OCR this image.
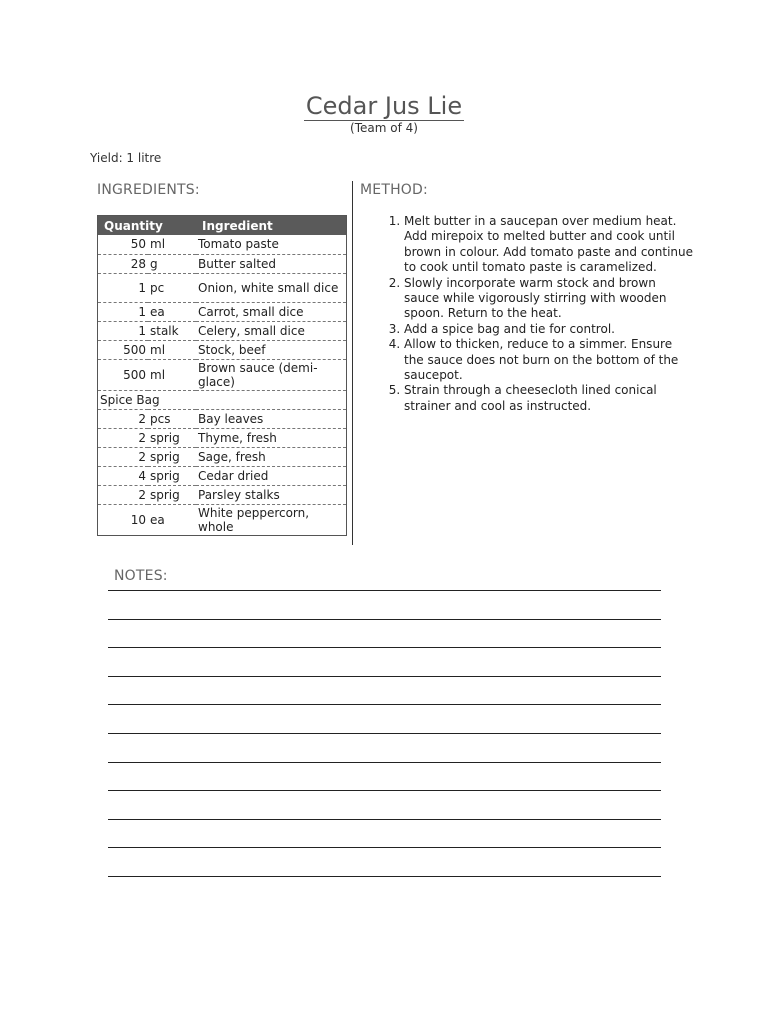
Cedar Jus Lie
(Team of 4)
Yield: 1 litre
INGREDIENTS:	METHOD:
Quantity		Ingredient
50	ml	Tomato paste
28	g	Butter salted
1	pc	Onion, white small dice
1	ea	Carrot, small dice
1	stalk	Celery, small dice
500	ml	Stock, beef
500	ml	Brown sauce (demi-glace)
Spice Bag		
2	pcs	Bay leaves
2	sprig	Thyme, fresh
2	sprig	Sage, fresh
4	sprig	Cedar dried
2	sprig	Parsley stalks
10	ea	White peppercorn, whole
1. Melt butter in a saucepan over medium heat. Add mirepoix to melted butter and cook until brown in colour. Add tomato paste and continue to cook until tomato paste is caramelized.
2. Slowly incorporate warm stock and brown sauce while vigorously stirring with wooden spoon. Return to the heat.
3. Add a spice bag and tie for control.
4. Allow to thicken, reduce to a simmer. Ensure the sauce does not burn on the bottom of the saucepot.
5. Strain through a cheesecloth lined conical strainer and cool as instructed.
NOTES:
